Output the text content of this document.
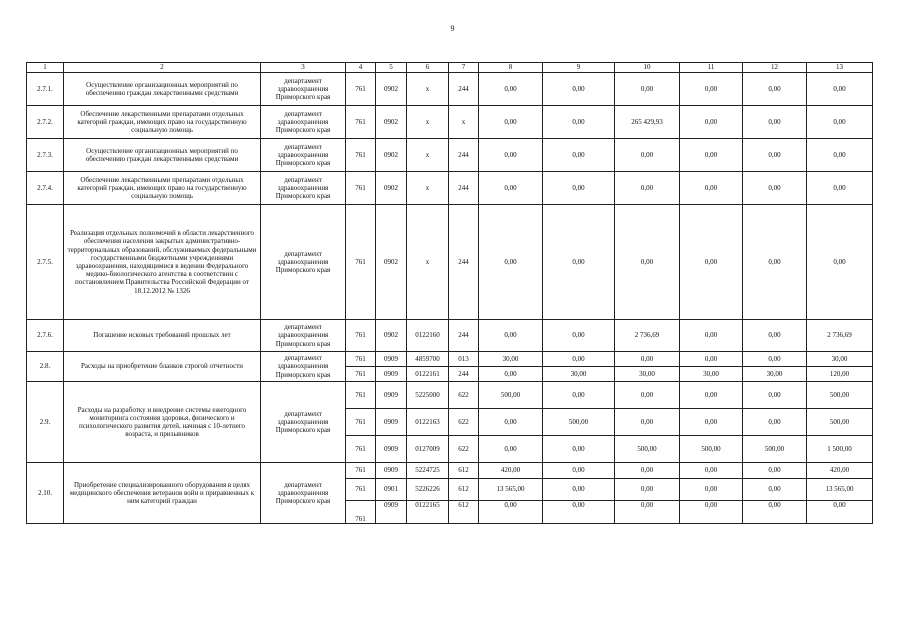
9
1	2	3	4	5	6	7	8	9	10	11	12	13
2.7.1.	Осуществление организационных мероприятий по обеспечению граждан лекарственными средствами	департамент здравоохранения Приморского края	761	0902	x	244	0,00	0,00	0,00	0,00	0,00	0,00
2.7.2.	Обеспечение лекарственными препаратами отдельных категорий граждан, имеющих право на государственную социальную помощь	департамент здравоохранения Приморского края	761	0902	x	x	0,00	0,00	265 429,93	0,00	0,00	0,00
2.7.3.	Осуществление организационных мероприятий по обеспечению граждан лекарственными средствами	департамент здравоохранения Приморского края	761	0902	x	244	0,00	0,00	0,00	0,00	0,00	0,00
2.7.4.	Обеспечение лекарственными препаратами отдельных категорий граждан, имеющих право на государственную социальную помощь	департамент здравоохранения Приморского края	761	0902	x	244	0,00	0,00	0,00	0,00	0,00	0,00
2.7.5.	Реализация отдельных полномочий в области лекарственного обеспечения населения закрытых административно-территориальных образований, обслуживаемых федеральными государственными бюджетными учреждениями здравоохранения, находящимися в ведении Федерального медико-биологического агентства в соответствии с постановлением Правительства Российской Федерации от 18.12.2012 № 1326	департамент здравоохранения Приморского края	761	0902	x	244	0,00	0,00	0,00	0,00	0,00	0,00
2.7.6.	Погашение исковых требований прошлых лет	департамент здравоохранения Приморского края	761	0902	0122160	244	0,00	0,00	2 736,69	0,00	0,00	2 736,69
2.8.	Расходы на приобретение бланков строгой отчетности	департамент здравоохранения Приморского края	761	0909	4859700	013	30,00	0,00	0,00	0,00	0,00	30,00
			761	0909	0122161	244	0,00	30,00	30,00	30,00	30,00	120,00
2.9.	Расходы на разработку и внедрение системы ежегодного мониторинга состояния здоровья, физического и психологического развития детей, начиная с 10-летнего возраста, и призывников	департамент здравоохранения Приморского края	761	0909	5225000	622	500,00	0,00	0,00	0,00	0,00	500,00
			761	0909	0122163	622	0,00	500,00	0,00	0,00	0,00	500,00
			761	0909	0127009	622	0,00	0,00	500,00	500,00	500,00	1 500,00
2.10.	Приобретение специализированного оборудования в целях медицинского обеспечения ветеранов войн и приравненных к ним категорий граждан	департамент здравоохранения Приморского края	761	0909	5224725	612	420,00	0,00	0,00	0,00	0,00	420,00
			761	0901	5226226	612	13 565,00	0,00	0,00	0,00	0,00	13 565,00
			761	0909	0122165	612	0,00	0,00	0,00	0,00	0,00	0,00
